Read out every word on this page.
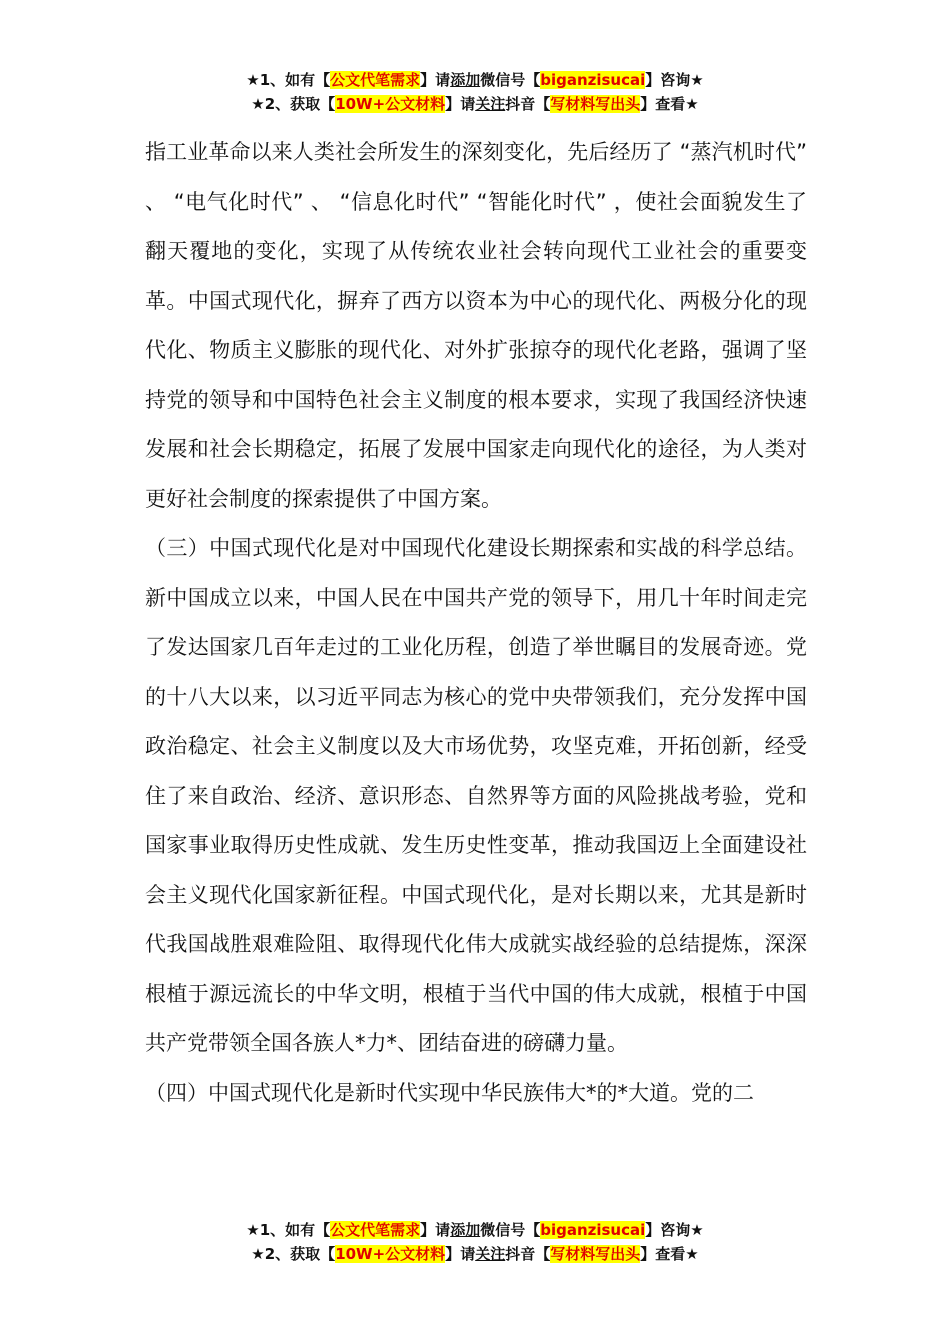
★1、如有【公文代笔需求】请添加微信号【biganzisucai】咨询★
★2、获取【10W+公文材料】请关注抖音【写材料写出头】查看★

指工业革命以来人类社会所发生的深刻变化，先后经历了 “蒸汽机时代” 、 “电气化时代” 、 “信息化时代” “智能化时代” ，使社会面貌发生了翻天覆地的变化，实现了从传统农业社会转向现代工业社会的重要变革。中国式现代化，摒弃了西方以资本为中心的现代化、两极分化的现代化、物质主义膨胀的现代化、对外扩张掠夺的现代化老路，强调了坚持党的领导和中国特色社会主义制度的根本要求，实现了我国经济快速发展和社会长期稳定，拓展了发展中国家走向现代化的途径，为人类对更好社会制度的探索提供了中国方案。

（三）中国式现代化是对中国现代化建设长期探索和实战的科学总结。新中国成立以来，中国人民在中国共产党的领导下，用几十年时间走完了发达国家几百年走过的工业化历程，创造了举世瞩目的发展奇迹。党的十八大以来，以习近平同志为核心的党中央带领我们，充分发挥中国政治稳定、社会主义制度以及大市场优势，攻坚克难，开拓创新，经受住了来自政治、经济、意识形态、自然界等方面的风险挑战考验，党和国家事业取得历史性成就、发生历史性变革，推动我国迈上全面建设社会主义现代化国家新征程。中国式现代化，是对长期以来，尤其是新时代我国战胜艰难险阻、取得现代化伟大成就实战经验的总结提炼，深深根植于源远流长的中华文明，根植于当代中国的伟大成就，根植于中国共产党带领全国各族人*力*、团结奋进的磅礴力量。

（四）中国式现代化是新时代实现中华民族伟大*的*大道。党的二

★1、如有【公文代笔需求】请添加微信号【biganzisucai】咨询★
★2、获取【10W+公文材料】请关注抖音【写材料写出头】查看★
